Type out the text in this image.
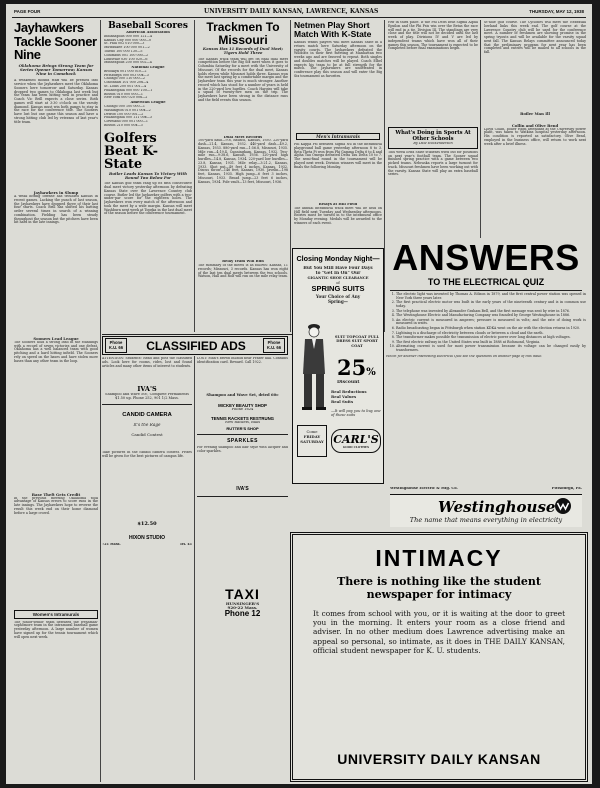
PAGE FOUR	UNIVERSITY DAILY KANSAN, LAWRENCE, KANSAS	THURSDAY, MAY 12, 1938
Jayhawkers Tackle Sooner Nine
Oklahoma Brings Strong Team for Series Opener Tomorrow; Kansas Nine in Comeback
A weakened mound staff will be pressed into service when the Jayhawkers meet the Oklahoma Sooners here tomorrow and Saturday. Kansas dropped two games to Oklahoma last week but the team has been hitting well in practice and Coach Vic Brill expects a close series. Both games will start at 3:30 o'clock on the varsity diamond. Kansas must win both games to stay in the race for the conference title. The Sooners have lost but one game this season and have a strong hitting club led by veterans of last year's title team.
Jayhawkers in Slump
A weak hitting offense has troubled Kansas in recent games. Lacking the punch of last season, the Jayhawkers have dropped three of their last four starts. Coach Brill has shifted his batting order several times in search of a winning combination. Fielding has been steady throughout the season but the pitchers have been hit hard in the late innings.
Sooners Lead League
The Sooners hold a strong lead in the standings with a record of seven victories and one defeat. Oklahoma has a well balanced team with good pitching and a hard hitting infield. The Sooners rely on speed on the bases and have stolen more bases than any other team in the loop.
Base Theft Gets Credit
In the previous meeting Oklahoma took advantage of Kansas errors to score runs in the late innings. The Jayhawkers hope to reverse the result this week end on their home diamond before a large crowd.
Women's Intramurals
The junior-senior team defeated the freshman-sophomore team in the intramural baseball game yesterday afternoon. A large number of women have signed up for the tennis tournament which will open next week.
Baseball Scores
American Association
Indianapolis 000 000 121—4
Kansas City 000 000 000—0
St. Paul 002 010 000—3
Milwaukee 100 000 001—2
Toledo 100 000 130—5
Columbus 001 100 000—2
Louisville 030 100 020—6
Minneapolis 200 000 002—4
National League
Brooklyn 001 000 010—2
Pittsburgh 000 003 00x—3
Chicago 000 110 000—2
Cincinnati 101 000 20x—4
St. Louis 200 001 001—4
Philadelphia 000 000 100—1
Boston 010 000 000—1
New York 000 020 00x—2
American League
Chicago 000 100 000—1
Washington 010 001 00x—2
Detroit 100 000 001—2
Philadelphia 000 111 00x—3
Cleveland 000 001 000—1
Boston 210 000 00x—3
Golfers Beat K-State
Butler Leads Kansas To Victory With Round Two Below Par
The Kansas golf team rang up its fifth consecutive dual meet victory yesterday afternoon by defeating Kansas State over the Lawrence Country club course. Butler led the Jayhawker golfers with a two-under-par score for the eighteen holes. The Jayhawkers won every match of the afternoon and took the meet by a wide margin. Kansas will meet Washburn next week at Topeka in the last dual meet of the season before the conference tournament.
Trackmen To Missouri
Kansas Has 11 Records of Dual Meet; Tigers Hold Three
The Kansas track team will get its final dual meet competition before the Big Six meet when it goes to Columbia Saturday for a meet with the University of Missouri. Of the records for the dual meet, Kansas holds eleven while Missouri holds three. Kansas won the meet last spring by a comfortable margin and the Jayhawker team this year is much stronger. Another record which has stood for a number of years is held in the 220-yard low hurdles. Coach Hargiss will take a squad of twenty-five men on the trip. The Jayhawkers have been strong in the distance runs and the field events this season.
Dual Meet Records
100-yard dash—9.8, Bausch, Kansas, 1930. 220-yard dash—21.4, Kansas, 1932. 440-yard dash—49.2, Kansas, 1933. 880-yard run—1:56.8, Missouri, 1935. Mile run—4:19.4, Cunningham, Kansas, 1932. Two-mile run—9:38.6, Kansas, 1936. 120-yard high hurdles—14.8, Kansas, 1934. 220-yard low hurdles—23.8, Kansas, 1931. Mile relay—3:21.2, Kansas, 1933. Shot put—49 feet 4 inches, Kansas, 1932. Discus throw—146 feet, Kansas, 1930. Javelin—198 feet, Kansas, 1935. High jump—6 feet 3 inches, Missouri, 1933. Broad jump—23 feet 6 inches, Kansas, 1934. Pole vault—13 feet, Missouri, 1936.
Relay Team Will Run
The summary of the meets is as follows: Kansas, 11 records; Missouri, 3 records. Kansas has won eight of the last ten dual meets between the two schools. Watson, Hall and Rolf will run on the mile relay team.
Netmen Play Short Match With K-State
Kansas tennis players will meet Kansas State in a return match here Saturday afternoon on the varsity courts. The Jayhawkers defeated the Wildcats in their first meeting at Manhattan two weeks ago and are favored to repeat. Both singles and doubles matches will be played. Coach Elbel expects his team to be at full strength for the match. The Jayhawkers are undefeated in conference play this season and will enter the Big Six tournament as favorites.
Men's Intramurals
Phi Kappa Psi defeated Sigma Nu in the intramural playground ball game yesterday afternoon 8 to 3. Beta Theta Pi won from Phi Gamma Delta 6 to 4 and Alpha Tau Omega defeated Delta Tau Delta 10 to 7. The semi-final round in the tournament will be played next week. Division winners will meet in the finals the following Monday.
Relays at Hill Field
The annual intramural track meet will be held on Hill field next Tuesday and Wednesday afternoons. Entries must be turned in to the intramural office by Monday evening. Medals will be awarded to the winners of each event.
row in third place. If the Phi Delts beat Sigma Alpha Epsilon and the Phi Psis win over the Betas the race will end in a tie. Division III. The standings are very close and the title will not be decided until the last week of play. Divisions IV and V are led by independent teams which have won all of their games this season. The tournament is expected to be completed before final examinations begin.
What's Doing in Sports At Other Schools
By Dale Hockenderson
This week Iowa State students tried out for positions on next year's football team. The Sooner squad finished spring practice with a game between two picked teams. Nebraska reports a large turnout for track. Missouri freshmen have been working out with the varsity. Kansas State will play an extra baseball series.
St-hole golf course. The Cyclones will meet the Nebraska lowland links this week end. The golf course at the Lawrence Country club will be used for the conference meet. A number of freshmen are showing promise in the spring tryouts and will be available for the varsity squad next fall. The Kansas Relays committee announced today that the preliminary program for next year has been completed and entries will be mailed to all schools in the fall.
Boiler Man Ill
Collin and Olive Bend
Lloyd Collin, boiler room attendant at the University power plant, was taken to Watkins hospital yesterday afternoon. His condition is reported as satisfactory. Olive Bend, employed in the business office, will return to work next week after a brief illness.
ANSWERS
TO THE ELECTRICAL QUIZ
1. The electric light was invented by Thomas A. Edison in 1879, and the first central power station was opened in New York three years later.
2. The first practical electric motor was built in the early years of the nineteenth century and is in common use today.
3. The telephone was invented by Alexander Graham Bell, and the first message was sent by wire in 1876.
4. The Westinghouse Electric and Manufacturing Company was founded by George Westinghouse in 1886.
5. An electric current is measured in amperes; pressure is measured in volts; and the rate of doing work is measured in watts.
6. Radio broadcasting began in Pittsburgh when station KDKA went on the air with the election returns in 1920.
7. Lightning is a discharge of electricity between clouds or between a cloud and the earth.
8. The transformer makes possible the transmission of electric power over long distances at high voltages.
9. The first electric railway in the United States was built in 1888 at Richmond, Virginia.
10. Alternating current is used for most power transmission because its voltage can be changed easily by transformers.
Which for another interesting Electrical Quiz see the questions on another page of this issue.
Westinghouse Electric & Mfg. Co.	Pittsburgh, Pa.
Westinghouse
The name that means everything in electricity
Phone K.U. 66	CLASSIFIED ADS	Phone K.U. 66
ATTENTION: Students! Read and post the classified ads. Look here for rooms, rides, lost and found articles and many other items of interest to students.
IVA'S
Shampoo and Wave 50c, Complete Permanents $1.50 up. Phone 252, 901 1/2 Mass.
CANDID CAMERA
It's the Rage
Candid Contest
Take pictures in the candid camera contest. Prizes will be given for the best pictures of campus life.
$12.50
HIXON STUDIO
721 Mass.	Tel. 41
LOST: Man's brown billfold near Fraser hall. Contains identification card. Reward. Call 1922.
Shampoo and Wave Set, dried 60c
MICKEY BEAUTY SHOP
Phone 1624
TENNIS RACKETS RESTRUNG
New Rackets, Balls
RUTTER'S SHOP
SPARKLES
For evening shampoo and hair style with lacquer and color sparkles.
IVA'S
TAXI
HUNSINGER'S
920-22 Mass.
Phone 12
Closing Monday Night—
But You Still Have Four Days
to "Get In On" Our
GIGANTIC SHOE CLEARANCE
of
SPRING SUITS
Your Choice of Any
Spring—
SUIT TOPCOAT FULL DRESS SUIT SPORT COAT
25%
Discount
Real Reductions
Real Values
Real Suits
—It will pay you to buy one of these suits
Come
FRIDAY
SATURDAY CARL'S
GOOD CLOTHES
INTIMACY
There is nothing like the student newspaper for intimacy
It comes from school with you, or it is waiting at the door to greet you in the morning. It enters your room as a close friend and adviser. In no other medium does Lawrence advertising make an appeal so personal, so intimate, as it does in THE DAILY KANSAN, official student newspaper for K. U. students.
UNIVERSITY DAILY KANSAN
